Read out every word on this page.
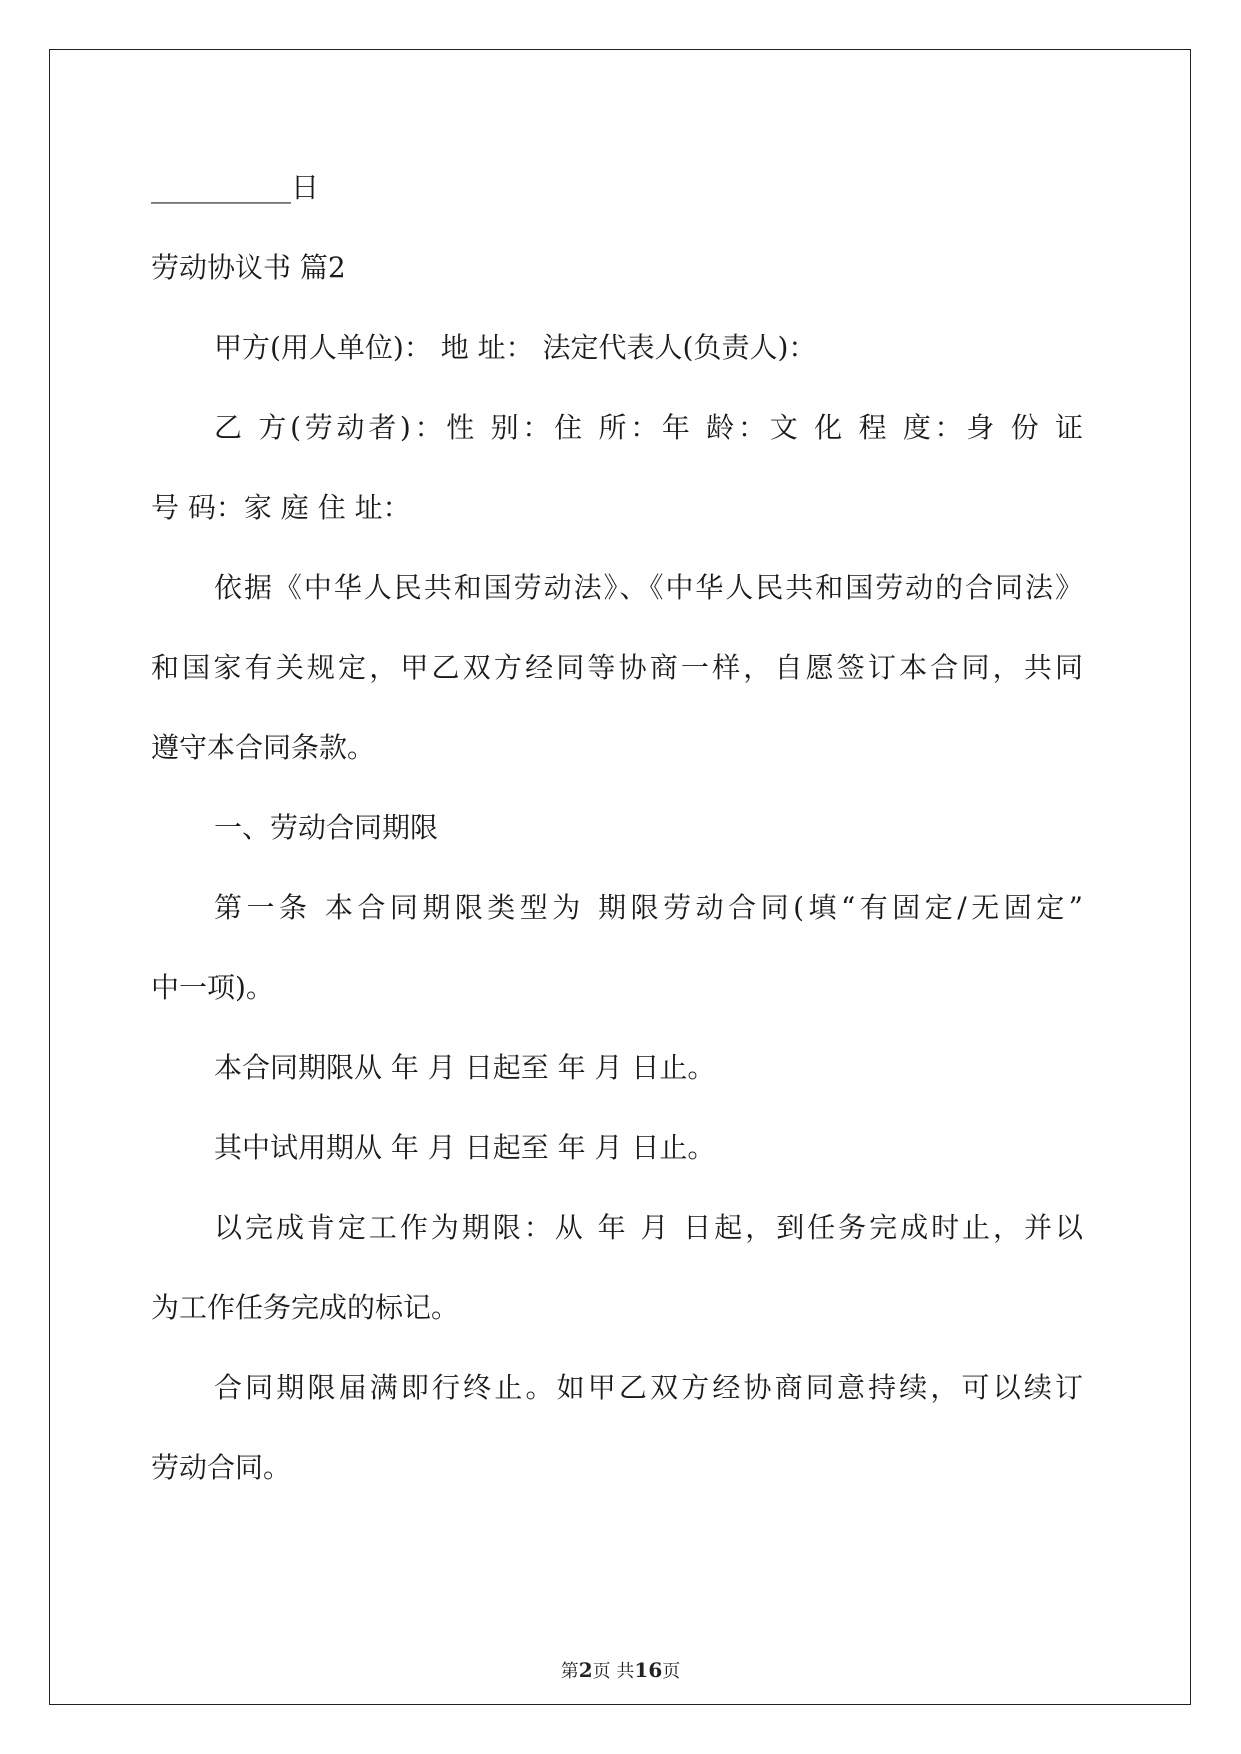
__________日

劳动协议书 篇2

甲方(用人单位)： 地 址： 法定代表人(负责人)：

乙 方(劳动者)：性 别：住 所：年 龄：文 化 程 度：身 份 证

号 码：家 庭 住 址：

依据《中华人民共和国劳动法》、《中华人民共和国劳动的合同法》

和国家有关规定，甲乙双方经同等协商一样，自愿签订本合同，共同

遵守本合同条款。

一、劳动合同期限

第一条 本合同期限类型为 期限劳动合同(填“有固定/无固定”

中一项)。

本合同期限从 年 月 日起至 年 月 日止。

其中试用期从 年 月 日起至 年 月 日止。

以完成肯定工作为期限：从 年 月 日起，到任务完成时止，并以

为工作任务完成的标记。

合同期限届满即行终止。如甲乙双方经协商同意持续，可以续订

劳动合同。

第2页 共16页
